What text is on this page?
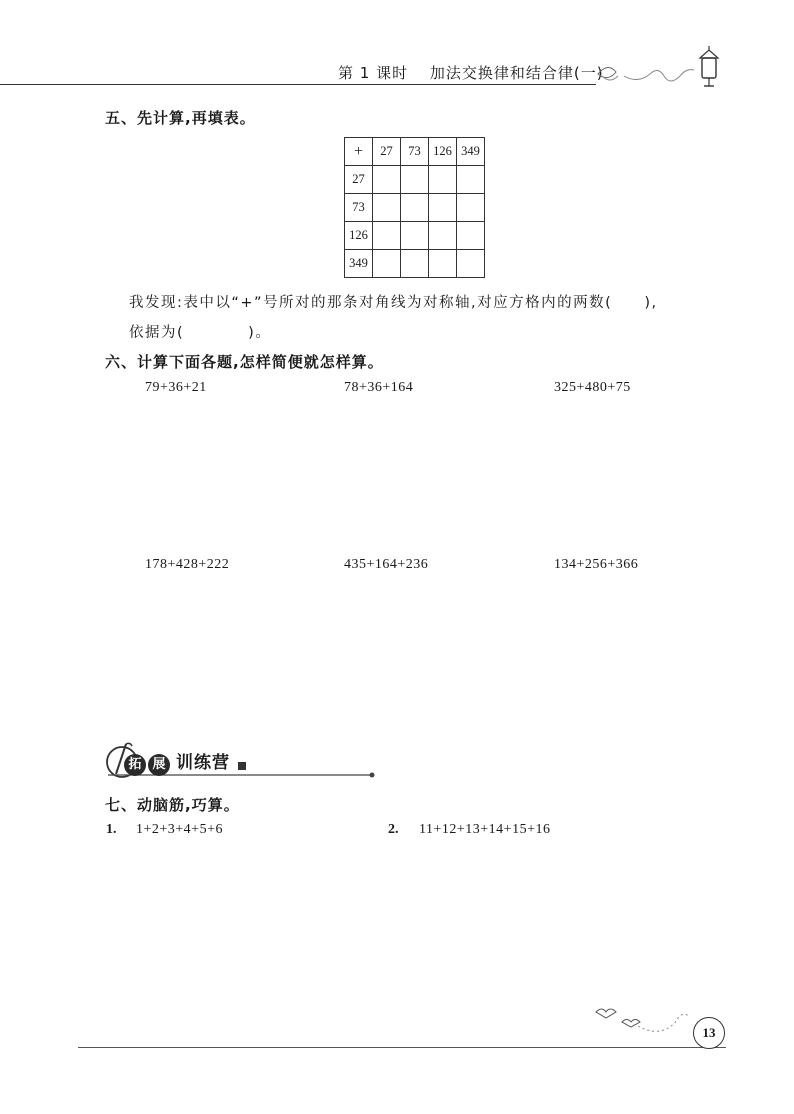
第 1 课时　 加法交换律和结合律(一)
五、先计算,再填表。
+	27	73	126	349
27				
73				
126				
349				
我发现:表中以“+”号所对的那条对角线为对称轴,对应方格内的两数(　　),
依据为(　　　　)。
六、计算下面各题,怎样简便就怎样算。
79+36+21	78+36+164	325+480+75
178+428+222	435+164+236	134+256+366
拓 展 训练营
七、动脑筋,巧算。
1. 1+2+3+4+5+6	2. 11+12+13+14+15+16
13
